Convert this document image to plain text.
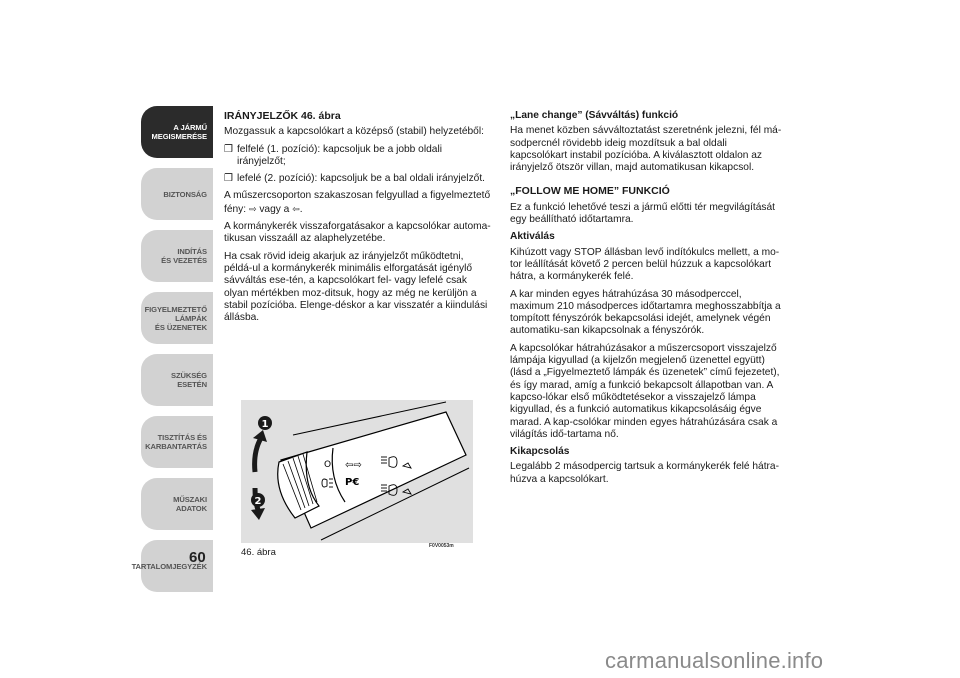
A JÁRMŰ
MEGISMERÉSE
BIZTONSÁG
INDÍTÁS
ÉS VEZETÉS
FIGYELMEZTETŐ
LÁMPÁK
ÉS ÜZENETEK
SZÜKSÉG
ESETÉN
TISZTÍTÁS ÉS
KARBANTARTÁS
MŰSZAKI
ADATOK
TARTALOMJEGYZÉK
60
IRÁNYJELZŐK 46. ábra

Mozgassuk a kapcsolókart a középső (stabil) helyzetéből:

❒ felfelé (1. pozíció): kapcsoljuk be a jobb oldali irányjelzőt;
❒ lefelé (2. pozíció): kapcsoljuk be a bal oldali irányjelzőt.

A műszercsoporton szakaszosan felgyullad a figyelmeztető fény: ⇨ vagy a ⇦.

A kormánykerék visszaforgatásakor a kapcsolókar automa-tikusan visszaáll az alaphelyzetébe.

Ha csak rövid ideig akarjuk az irányjelzőt működtetni, példá-ul a kormánykerék minimális elforgatását igénylő sávváltás ese-tén, a kapcsolókart fel- vagy lefelé csak olyan mértékben moz-ditsuk, hogy az még ne kerüljön a stabil pozícióba. Elenge-déskor a kar visszatér a kiindulási állásba.

„Lane change” (Sávváltás) funkció

Ha menet közben sávváltoztatást szeretnénk jelezni, fél má-sodpercnél rövidebb ideig mozdítsuk a bal oldali kapcsolókart instabil pozícióba. A kiválasztott oldalon az irányjelző ötször villan, majd automatikusan kikapcsol.

„FOLLOW ME HOME” FUNKCIÓ

Ez a funkció lehetővé teszi a jármű előtti tér megvilágítását egy beállítható időtartamra.

Aktiválás

Kihúzott vagy STOP állásban levő indítókulcs mellett, a mo-tor leállítását követő 2 percen belül húzzuk a kapcsolókart hátra, a kormánykerék felé.

A kar minden egyes hátrahúzása 30 másodperccel, maximum 210 másodperces időtartamra meghosszabbítja a tompított fényszórók bekapcsolási idejét, amelynek végén automatiku-san kikapcsolnak a fényszórók.

A kapcsolókar hátrahúzásakor a műszercsoport visszajelző lámpája kigyullad (a kijelzőn megjelenő üzenettel együtt) (lásd a „Figyelmeztető lámpák és üzenetek” című fejezetet), és így marad, amíg a funkció bekapcsolt állapotban van. A kapcso-lókar első működtetésekor a visszajelző lámpa kigyullad, és a funkció automatikus kikapcsolásáig égve marad. A kap-csolókar minden egyes hátrahúzására csak a világítás idő-tartama nő.

Kikapcsolás

Legalább 2 másodpercig tartsuk a kormánykerék felé hátra-húzva a kapcsolókart.

O ⇦⇨
P€
1
2
F0V0053m
46. ábra
carmanualsonline.info
